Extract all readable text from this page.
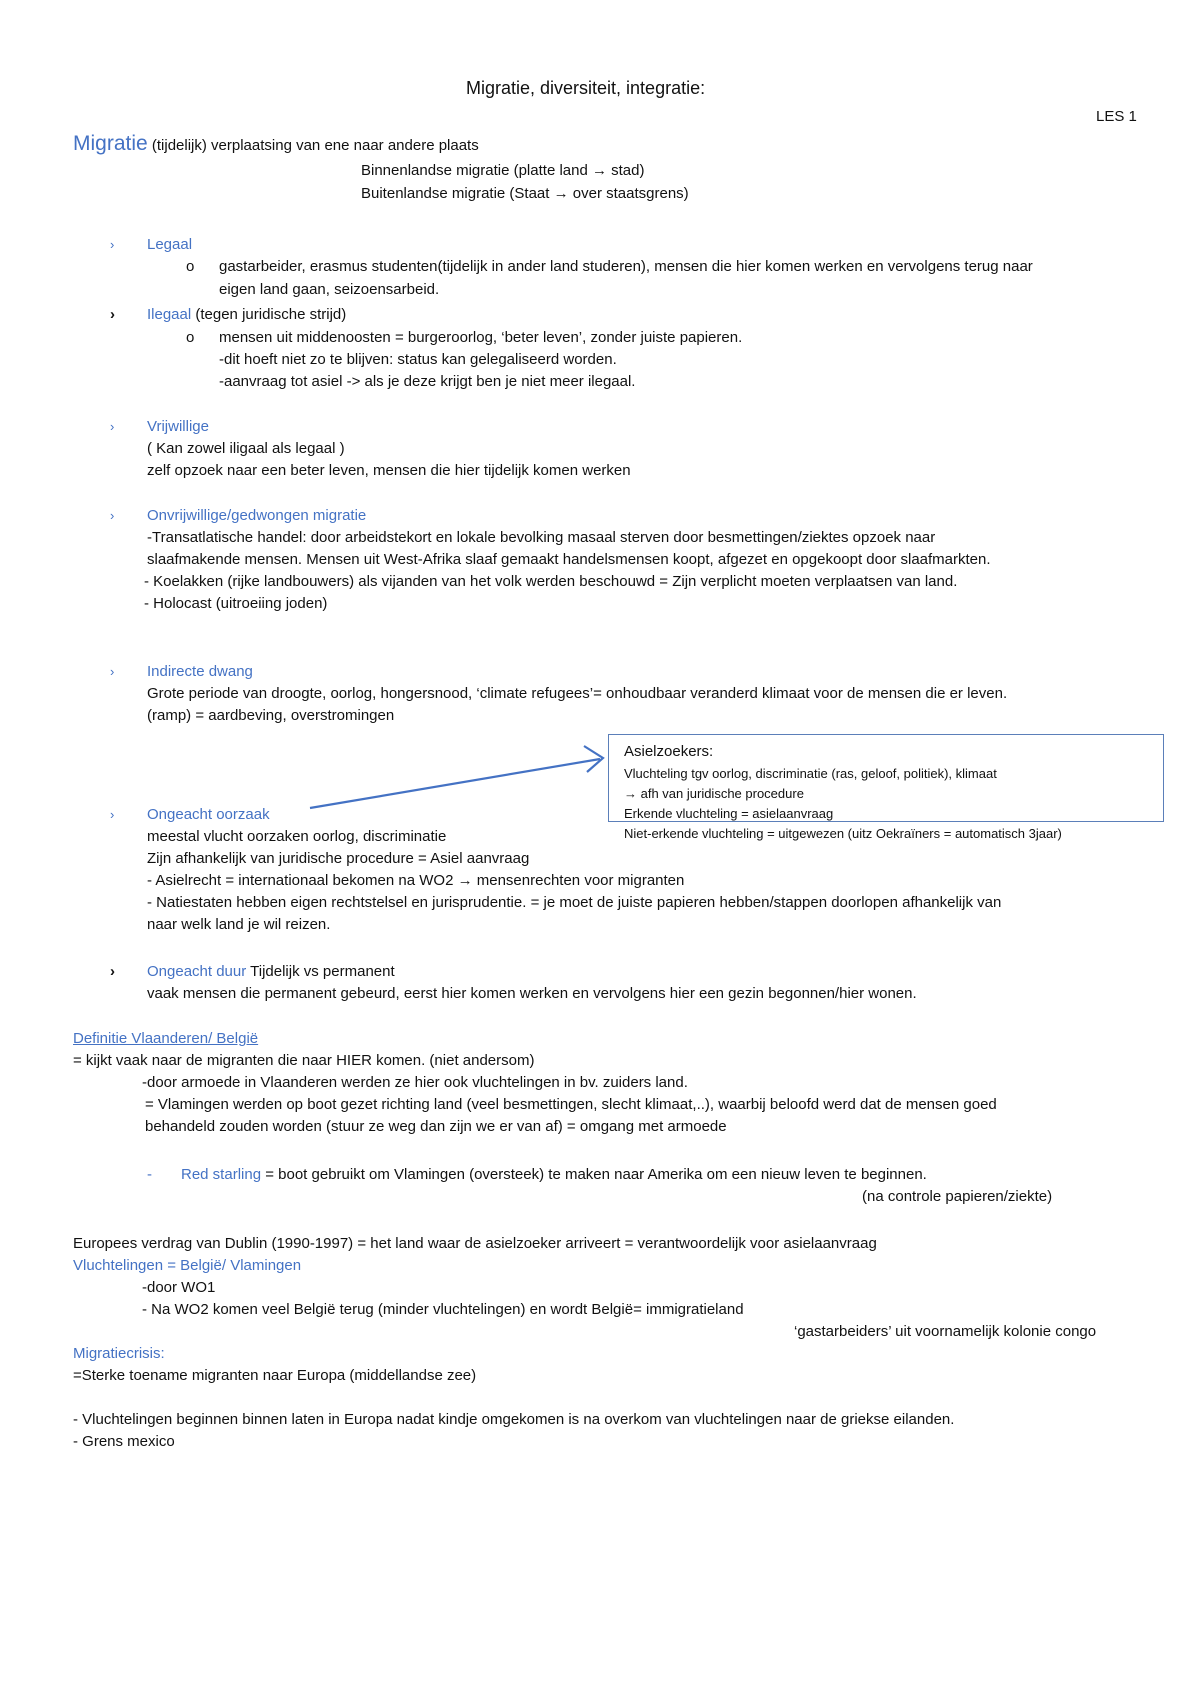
Migratie, diversiteit, integratie:
LES 1
Migratie (tijdelijk) verplaatsing van ene naar andere plaats
Binnenlandse migratie (platte land → stad)
Buitenlandse migratie (Staat → over staatsgrens)
› Legaal
o gastarbeider, erasmus studenten(tijdelijk in ander land studeren), mensen die hier komen werken en vervolgens terug naar
eigen land gaan, seizoensarbeid.
› Ilegaal (tegen juridische strijd)
o mensen uit middenoosten = burgeroorlog, ‘beter leven’, zonder juiste papieren.
-dit hoeft niet zo te blijven: status kan gelegaliseerd worden.
-aanvraag tot asiel -> als je deze krijgt ben je niet meer ilegaal.
› Vrijwillige
( Kan zowel iligaal als legaal )
zelf opzoek naar een beter leven, mensen die hier tijdelijk komen werken
› Onvrijwillige/gedwongen migratie
-Transatlatische handel: door arbeidstekort en lokale bevolking masaal sterven door besmettingen/ziektes opzoek naar
slaafmakende mensen. Mensen uit West-Afrika slaaf gemaakt handelsmensen koopt, afgezet en opgekoopt door slaafmarkten.
- Koelakken (rijke landbouwers) als vijanden van het volk werden beschouwd = Zijn verplicht moeten verplaatsen van land.
- Holocast (uitroeiing joden)
› Indirecte dwang
Grote periode van droogte, oorlog, hongersnood, ‘climate refugees’= onhoudbaar veranderd klimaat voor de mensen die er leven.
(ramp) = aardbeving, overstromingen
Asielzoekers:
Vluchteling tgv oorlog, discriminatie (ras, geloof, politiek), klimaat
→ afh van juridische procedure
Erkende vluchteling = asielaanvraag
Niet-erkende vluchteling = uitgewezen (uitz Oekraïners = automatisch 3jaar)
› Ongeacht oorzaak
meestal vlucht oorzaken oorlog, discriminatie
Zijn afhankelijk van juridische procedure = Asiel aanvraag
- Asielrecht = internationaal bekomen na WO2 → mensenrechten voor migranten
- Natiestaten hebben eigen rechtstelsel en jurisprudentie. = je moet de juiste papieren hebben/stappen doorlopen afhankelijk van
naar welk land je wil reizen.
› Ongeacht duur Tijdelijk vs permanent
vaak mensen die permanent gebeurd, eerst hier komen werken en vervolgens hier een gezin begonnen/hier wonen.
Definitie Vlaanderen/ België
= kijkt vaak naar de migranten die naar HIER komen. (niet andersom)
-door armoede in Vlaanderen werden ze hier ook vluchtelingen in bv. zuiders land.
= Vlamingen werden op boot gezet richting land (veel besmettingen, slecht klimaat,..), waarbij beloofd werd dat de mensen goed
behandeld zouden worden (stuur ze weg dan zijn we er van af) = omgang met armoede
- Red starling = boot gebruikt om Vlamingen (oversteek) te maken naar Amerika om een nieuw leven te beginnen.
(na controle papieren/ziekte)
Europees verdrag van Dublin (1990-1997) = het land waar de asielzoeker arriveert = verantwoordelijk voor asielaanvraag
Vluchtelingen = België/ Vlamingen
-door WO1
- Na WO2 komen veel België terug (minder vluchtelingen) en wordt België= immigratieland
‘gastarbeiders’ uit voornamelijk kolonie congo
Migratiecrisis:
=Sterke toename migranten naar Europa (middellandse zee)
- Vluchtelingen beginnen binnen laten in Europa nadat kindje omgekomen is na overkom van vluchtelingen naar de griekse eilanden.
- Grens mexico
